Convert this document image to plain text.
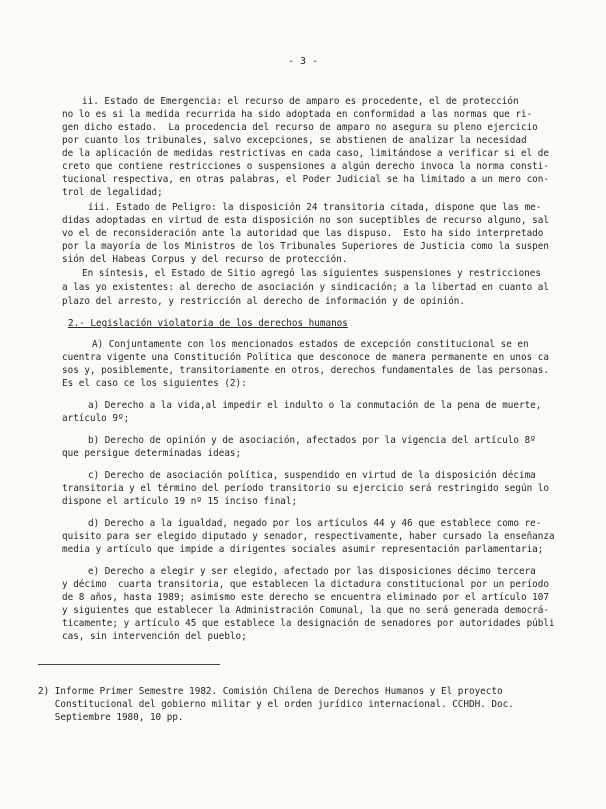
- 3 -
ii. Estado de Emergencia: el recurso de amparo es procedente, el de protección
no lo es si la medida recurrida ha sido adoptada en conformidad a las normas que ri-
gen dicho estado.  La procedencia del recurso de amparo no asegura su pleno ejercicio
por cuanto los tribunales, salvo excepciones, se abstienen de analizar la necesidad
de la aplicación de medidas restrictivas en cada caso, limitándose a verificar si el de
creto que contiene restricciones o suspensiones a algún derecho invoca la norma consti-
tucional respectiva, en otras palabras, el Poder Judicial se ha limitado a un mero con-
trol de legalidad;
iii. Estado de Peligro: la disposición 24 transitoria citada, dispone que las me-
didas adoptadas en virtud de esta disposición no son suceptibles de recurso alguno, sal
vo el de reconsideración ante la autoridad que las dispuso.  Esto ha sido interpretado
por la mayoría de los Ministros de los Tribunales Superiores de Justicia como la suspen
sión del Habeas Corpus y del recurso de protección.
En síntesis, el Estado de Sitio agregó las siguientes suspensiones y restricciones
a las yo existentes: al derecho de asociación y sindicación; a la libertad en cuanto al
plazo del arresto, y restricción al derecho de información y de opinión.
2.- Legislación violatoria de los derechos humanos
A) Conjuntamente con los mencionados estados de excepción constitucional se en
cuentra vigente una Constitución Política que desconoce de manera permanente en unos ca
sos y, posiblemente, transitoriamente en otros, derechos fundamentales de las personas.
Es el caso ce los siguientes (2):
a) Derecho a la vida,al impedir el indulto o la conmutación de la pena de muerte,
artículo 9º;
b) Derecho de opinión y de asociación, afectados por la vigencia del artículo 8º
que persigue determinadas ideas;
c) Derecho de asociación política, suspendido en virtud de la disposición décima
transitoria y el término del período transitorio su ejercicio será restringido según lo
dispone el artículo 19 nº 15 inciso final;
d) Derecho a la igualdad, negado por los artículos 44 y 46 que establece como re-
quisito para ser elegido diputado y senador, respectivamente, haber cursado la enseñanza
media y artículo que impide a dirigentes sociales asumir representación parlamentaria;
e) Derecho a elegir y ser elegido, afectado por las disposiciones décimo tercera
y décimo  cuarta transitoria, que establecen la dictadura constitucional por un período
de 8 años, hasta 1989; asimismo este derecho se encuentra eliminado por el artículo 107
y siguientes que establecer la Administración Comunal, la que no será generada democrá-
ticamente; y artículo 45 que establece la designación de senadores por autoridades públi
cas, sin intervención del pueblo;
2) Informe Primer Semestre 1982. Comisión Chilena de Derechos Humanos y El proyecto
Constitucional del gobierno militar y el orden jurídico internacional. CCHDH. Doc.
Septiembre 1980, 10 pp.
